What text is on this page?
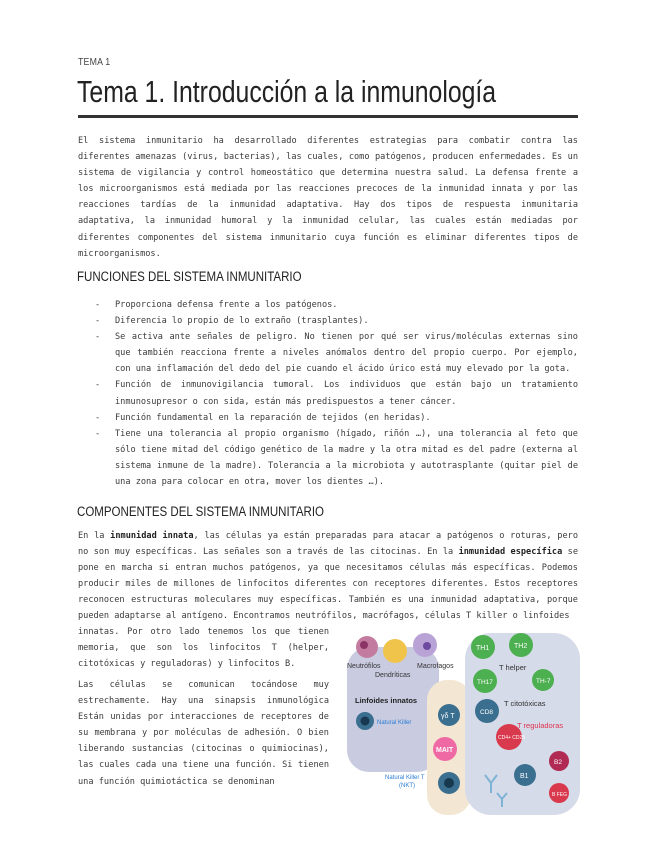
TEMA 1
Tema 1. Introducción a la inmunología

El sistema inmunitario ha desarrollado diferentes estrategias para combatir contra las diferentes amenazas (virus, bacterias), las cuales, como patógenos, producen enfermedades. Es un sistema de vigilancia y control homeostático que determina nuestra salud. La defensa frente a los microorganismos está mediada por las reacciones precoces de la inmunidad innata y por las reacciones tardías de la inmunidad adaptativa. Hay dos tipos de respuesta inmunitaria adaptativa, la inmunidad humoral y la inmunidad celular, las cuales están mediadas por diferentes componentes del sistema inmunitario cuya función es eliminar diferentes tipos de microorganismos.

FUNCIONES DEL SISTEMA INMUNITARIO
- Proporciona defensa frente a los patógenos.
- Diferencia lo propio de lo extraño (trasplantes).
- Se activa ante señales de peligro. No tienen por qué ser virus/moléculas externas sino que también reacciona frente a niveles anómalos dentro del propio cuerpo. Por ejemplo, con una inflamación del dedo del pie cuando el ácido úrico está muy elevado por la gota.
- Función de inmunovigilancia tumoral. Los individuos que están bajo un tratamiento inmunosupresor o con sida, están más predispuestos a tener cáncer.
- Función fundamental en la reparación de tejidos (en heridas).
- Tiene una tolerancia al propio organismo (hígado, riñón …), una tolerancia al feto que sólo tiene mitad del código genético de la madre y la otra mitad es del padre (externa al sistema inmune de la madre). Tolerancia a la microbiota y autotrasplante (quitar piel de una zona para colocar en otra, mover los dientes …).
COMPONENTES DEL SISTEMA INMUNITARIO

En la inmunidad innata, las células ya están preparadas para atacar a patógenos o roturas, pero no son muy específicas. Las señales son a través de las citocinas. En la inmunidad específica se pone en marcha si entran muchos patógenos, ya que necesitamos células más específicas. Podemos producir miles de millones de linfocitos diferentes con receptores diferentes. Estos receptores reconocen estructuras moleculares muy específicas. También es una inmunidad adaptativa, porque pueden adaptarse al antígeno. Encontramos neutrófilos, macrófagos, células T killer o linfoides

innatas. Por otro lado tenemos los que tienen memoria, que son los linfocitos T (helper, citotóxicas y reguladoras) y linfocitos B.

Las células se comunican tocándose muy estrechamente. Hay una sinapsis inmunológica Están unidas por interacciones de receptores de su membrana y por moléculas de adhesión. O bien liberando sustancias (citocinas o quimiocinas), las cuales cada una tiene una función. Si tienen una función quimiotáctica se denominan

Neutrófilos	Macrofagos
Dendríticas
Linfoides innatos
Natural Killer
γδ T
MAIT
Natural Killer T
(NKT)
TH1	TH2
T helper
TH17	TH-7
CD8
T citotóxicas
T reguladoras
CD4+ CD25
B1
B2
B FEG
